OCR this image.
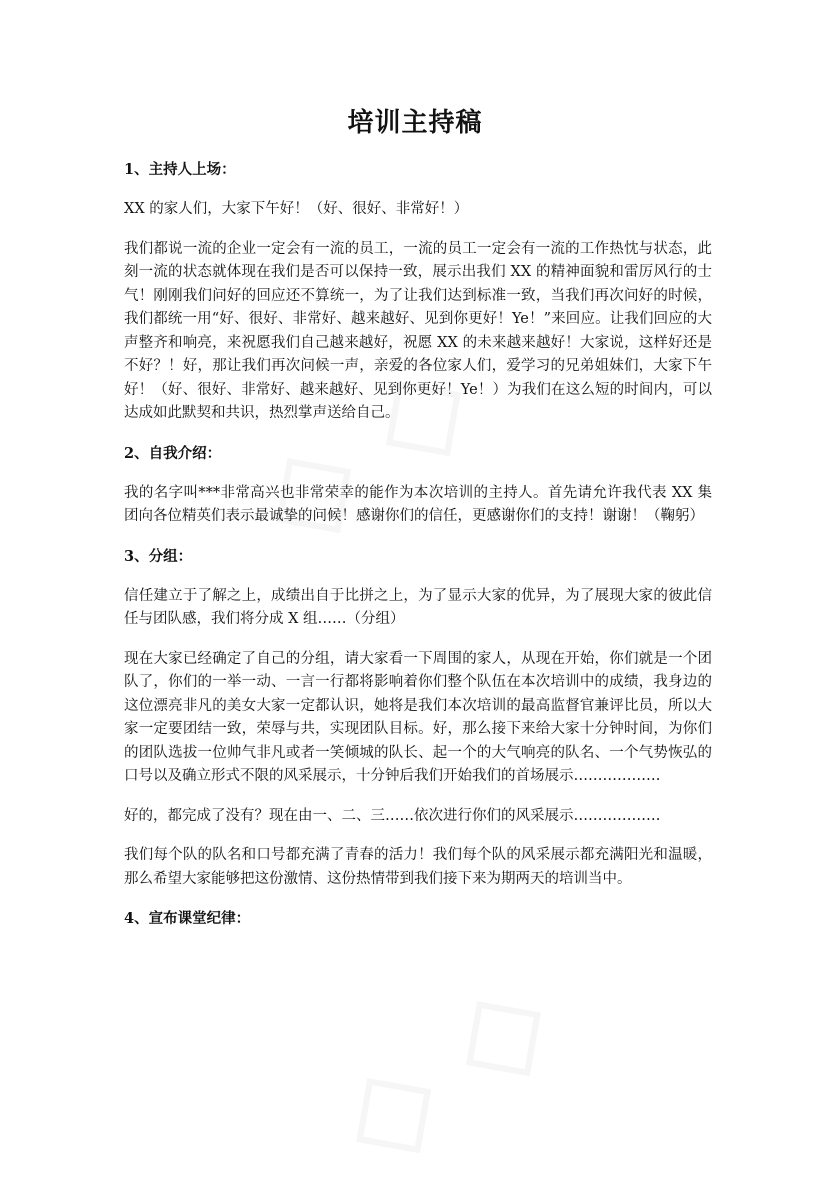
培训主持稿

1、主持人上场：

XX 的家人们，大家下午好！（好、很好、非常好！）

我们都说一流的企业一定会有一流的员工，一流的员工一定会有一流的工作热忱与状态，此刻一流的状态就体现在我们是否可以保持一致，展示出我们 XX 的精神面貌和雷厉风行的士气！刚刚我们问好的回应还不算统一，为了让我们达到标准一致，当我们再次问好的时候，我们都统一用“好、很好、非常好、越来越好、见到你更好！Ye！”来回应。让我们回应的大声整齐和响亮，来祝愿我们自己越来越好，祝愿 XX 的未来越来越好！大家说，这样好还是不好？！好，那让我们再次问候一声，亲爱的各位家人们，爱学习的兄弟姐妹们，大家下午好！（好、很好、非常好、越来越好、见到你更好！Ye！）为我们在这么短的时间内，可以达成如此默契和共识，热烈掌声送给自己。

2、自我介绍：

我的名字叫***非常高兴也非常荣幸的能作为本次培训的主持人。首先请允许我代表 XX 集团向各位精英们表示最诚挚的问候！感谢你们的信任，更感谢你们的支持！谢谢！（鞠躬）

3、分组：

信任建立于了解之上，成绩出自于比拼之上，为了显示大家的优异，为了展现大家的彼此信任与团队感，我们将分成 X 组……（分组）

现在大家已经确定了自己的分组，请大家看一下周围的家人，从现在开始，你们就是一个团队了，你们的一举一动、一言一行都将影响着你们整个队伍在本次培训中的成绩，我身边的这位漂亮非凡的美女大家一定都认识，她将是我们本次培训的最高监督官兼评比员，所以大家一定要团结一致，荣辱与共，实现团队目标。好，那么接下来给大家十分钟时间，为你们的团队选拔一位帅气非凡或者一笑倾城的队长、起一个的大气响亮的队名、一个气势恢弘的口号以及确立形式不限的风采展示，十分钟后我们开始我们的首场展示………………

好的，都完成了没有？现在由一、二、三……依次进行你们的风采展示………………

我们每个队的队名和口号都充满了青春的活力！我们每个队的风采展示都充满阳光和温暖，那么希望大家能够把这份激情、这份热情带到我们接下来为期两天的培训当中。

4、宣布课堂纪律：
